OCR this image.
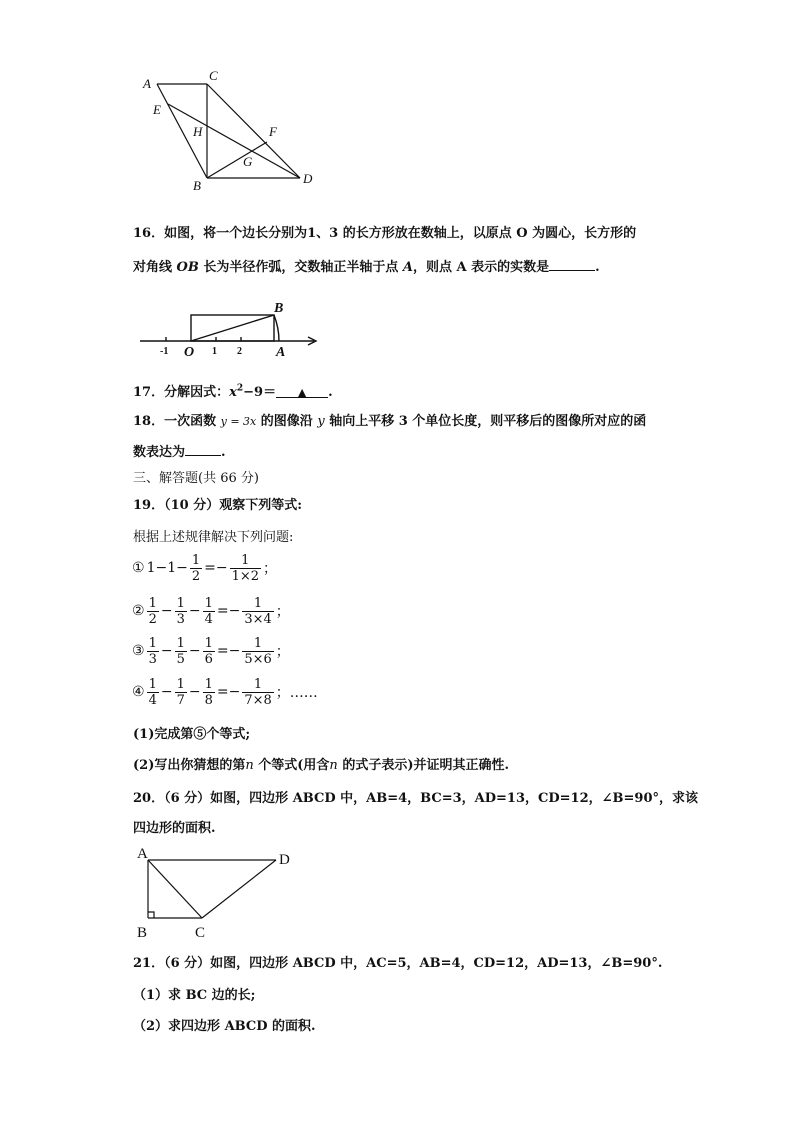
A
C
E
H	F
G
B	D
16．如图，将一个边长分别为1、3 的长方形放在数轴上，以原点 O 为圆心，长方形的
对角线 OB 长为半径作弧，交数轴正半轴于点 A，则点 A 表示的实数是	.
B
O	A
-1	1 2
17．分解因式：$x^2-9=$ ▲ .
18．一次函数 y = 3x 的图像沿 y 轴向上平移 3 个单位长度，则平移后的图像所对应的函
数表达为	.
三、解答题(共 66 分)
19．（10 分）观察下列等式:
根据上述规律解决下列问题:
① $1-1- \frac{1}{2} =- \frac{1}{1\times 2}$ ；
② $\frac{1}{2} - \frac{1}{3} - \frac{1}{4} =- \frac{1}{3\times 4}$ ；
③ $\frac{1}{3} - \frac{1}{5} - \frac{1}{6} =- \frac{1}{5\times 6}$ ；
④ $\frac{1}{4} - \frac{1}{7} - \frac{1}{8} =- \frac{1}{7\times 8}$ ；……
(1)完成第⑤个等式;
(2)写出你猜想的第n 个等式(用含n 的式子表示)并证明其正确性.
20．（6 分）如图，四边形 ABCD 中，AB=4，BC=3，AD=13，CD=12，∠B=90°，求该
四边形的面积.
A	D
B	C
21．（6 分）如图，四边形 ABCD 中，AC=5，AB=4，CD=12，AD=13，∠B=90°.
（1）求 BC 边的长;
（2）求四边形 ABCD 的面积.
